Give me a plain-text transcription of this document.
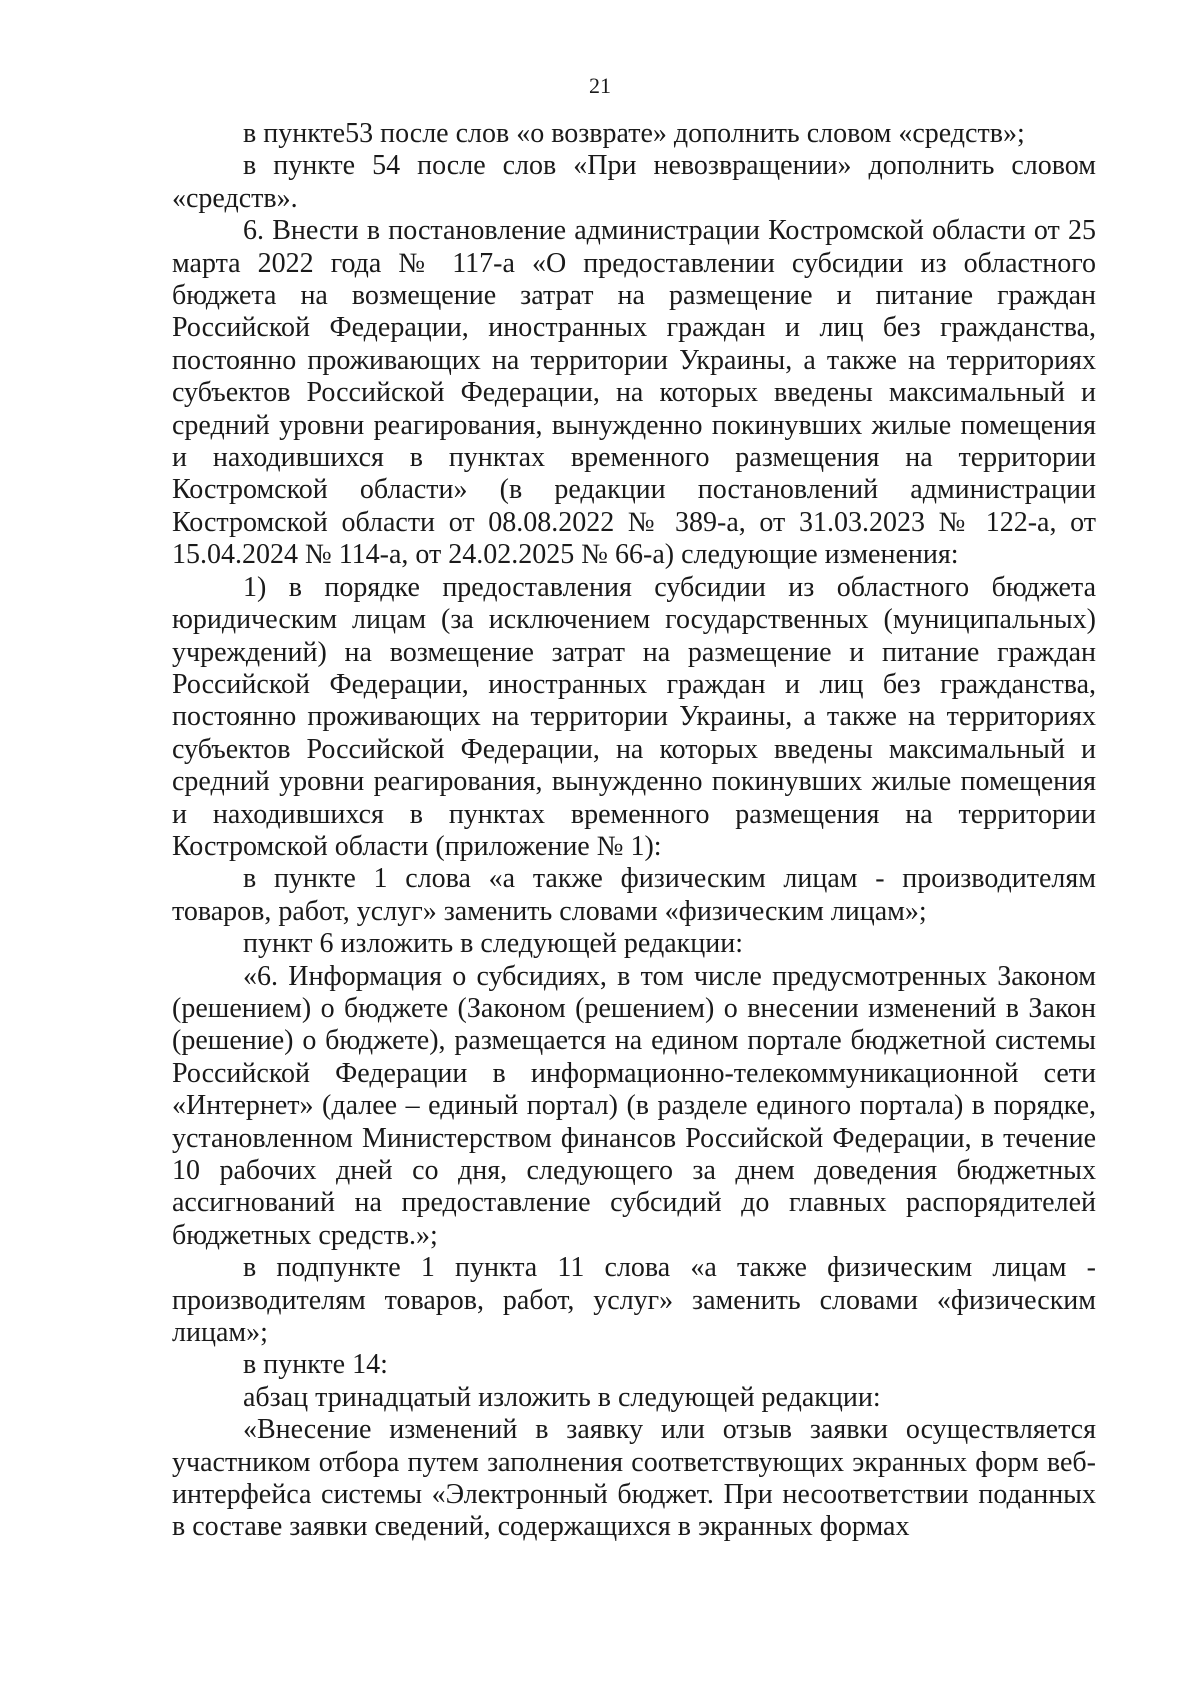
21

в пункте53 после слов «о возврате» дополнить словом «средств»;

в пункте 54 после слов «При невозвращении» дополнить словом «средств».

6. Внести в постановление администрации Костромской области от 25 марта 2022 года № 117-а «О предоставлении субсидии из областного бюджета на возмещение затрат на размещение и питание граждан Российской Федерации, иностранных граждан и лиц без гражданства, постоянно проживающих на территории Украины, а также на территориях субъектов Российской Федерации, на которых введены максимальный и средний уровни реагирования, вынужденно покинувших жилые помещения и находившихся в пунктах временного размещения на территории Костромской области» (в редакции постановлений администрации Костромской области от 08.08.2022 № 389-а, от 31.03.2023 № 122-а, от 15.04.2024 № 114-а, от 24.02.2025 № 66-а) следующие изменения:

1) в порядке предоставления субсидии из областного бюджета юридическим лицам (за исключением государственных (муниципальных) учреждений) на возмещение затрат на размещение и питание граждан Российской Федерации, иностранных граждан и лиц без гражданства, постоянно проживающих на территории Украины, а также на территориях субъектов Российской Федерации, на которых введены максимальный и средний уровни реагирования, вынужденно покинувших жилые помещения и находившихся в пунктах временного размещения на территории Костромской области (приложение № 1):

в пункте 1 слова «а также физическим лицам - производителям товаров, работ, услуг» заменить словами «физическим лицам»;

пункт 6 изложить в следующей редакции:

«6. Информация о субсидиях, в том числе предусмотренных Законом (решением) о бюджете (Законом (решением) о внесении изменений в Закон (решение) о бюджете), размещается на едином портале бюджетной системы Российской Федерации в информационно-телекоммуникационной сети «Интернет» (далее – единый портал) (в разделе единого портала) в порядке, установленном Министерством финансов Российской Федерации, в течение 10 рабочих дней со дня, следующего за днем доведения бюджетных ассигнований на предоставление субсидий до главных распорядителей бюджетных средств.»;

в подпункте 1 пункта 11 слова «а также физическим лицам - производителям товаров, работ, услуг» заменить словами «физическим лицам»;

в пункте 14:

абзац тринадцатый изложить в следующей редакции:

«Внесение изменений в заявку или отзыв заявки осуществляется участником отбора путем заполнения соответствующих экранных форм веб-интерфейса системы «Электронный бюджет. При несоответствии поданных в составе заявки сведений, содержащихся в экранных формах
